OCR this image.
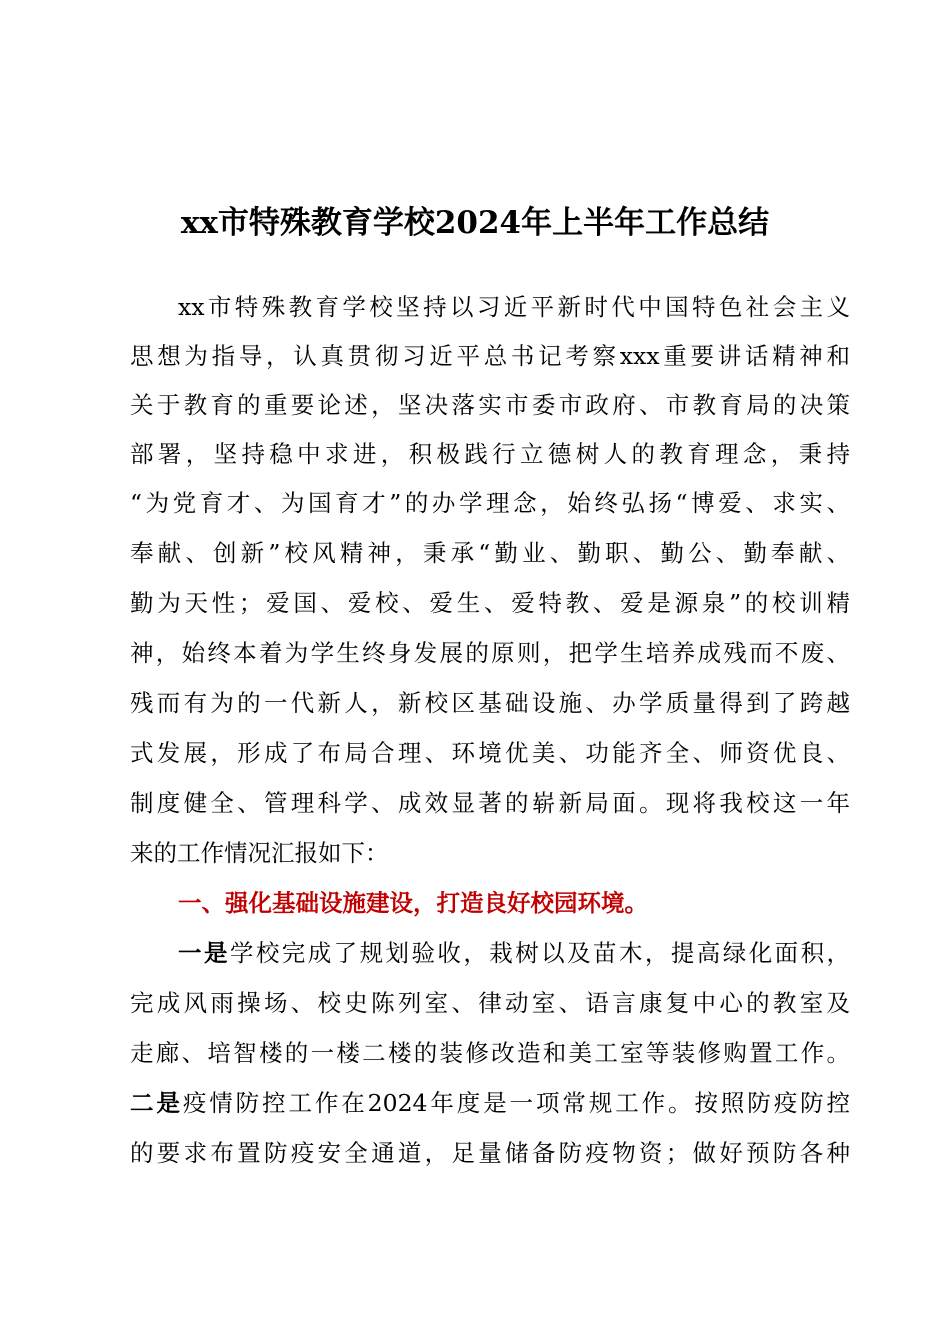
xx市特殊教育学校2024年上半年工作总结
xx市特殊教育学校坚持以习近平新时代中国特色社会主义
思想为指导，认真贯彻习近平总书记考察xxx重要讲话精神和
关于教育的重要论述，坚决落实市委市政府、市教育局的决策
部署，坚持稳中求进，积极践行立德树人的教育理念，秉持
“为党育才、为国育才”的办学理念，始终弘扬“博爱、求实、
奉献、创新”校风精神，秉承“勤业、勤职、勤公、勤奉献、
勤为天性；爱国、爱校、爱生、爱特教、爱是源泉”的校训精
神，始终本着为学生终身发展的原则，把学生培养成残而不废、
残而有为的一代新人，新校区基础设施、办学质量得到了跨越
式发展，形成了布局合理、环境优美、功能齐全、师资优良、
制度健全、管理科学、成效显著的崭新局面。现将我校这一年
来的工作情况汇报如下：
一、强化基础设施建设，打造良好校园环境。
一是学校完成了规划验收，栽树以及苗木，提高绿化面积，
完成风雨操场、校史陈列室、律动室、语言康复中心的教室及
走廊、培智楼的一楼二楼的装修改造和美工室等装修购置工作。
二是疫情防控工作在2024年度是一项常规工作。按照防疫防控
的要求布置防疫安全通道，足量储备防疫物资；做好预防各种
